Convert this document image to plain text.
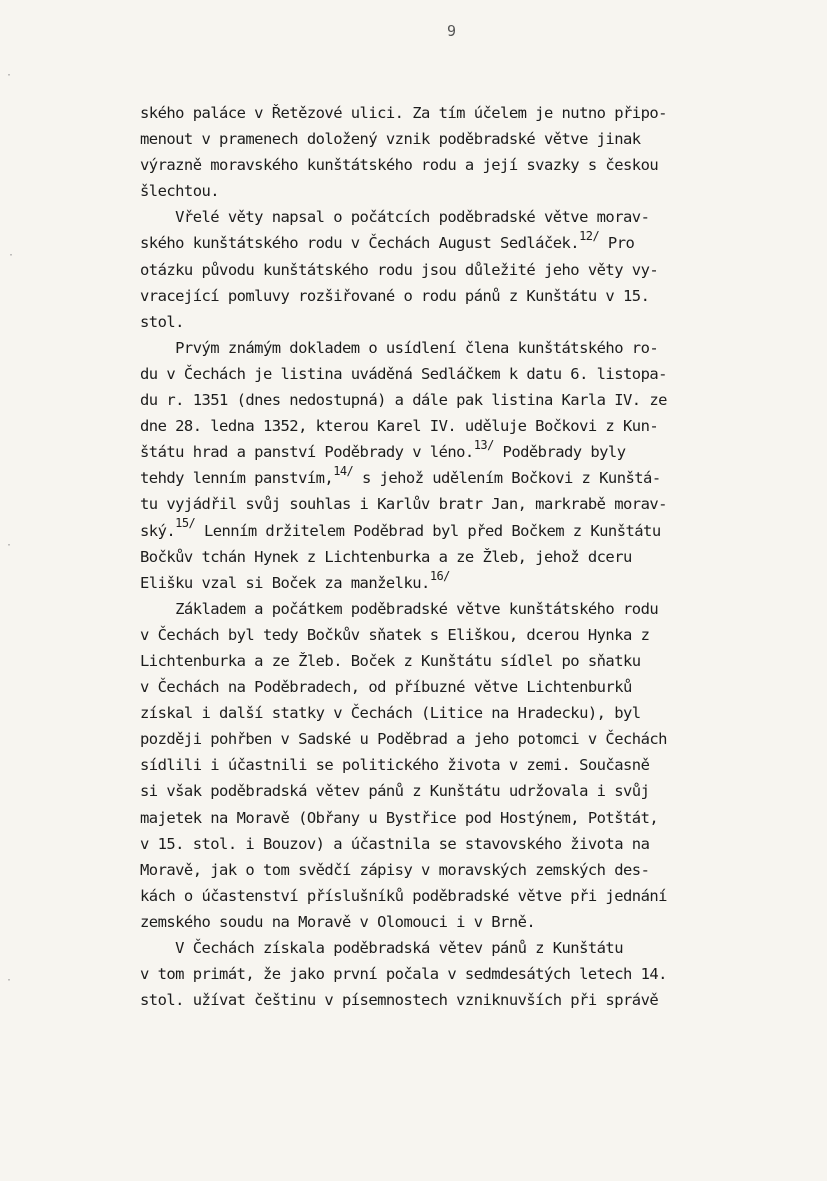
9
ského paláce v Řetězové ulici. Za tím účelem je nutno připo-
menout v pramenech doložený vznik poděbradské větve jinak
výrazně moravského kunštátského rodu a její svazky s českou
šlechtou.
Vřelé věty napsal o počátcích poděbradské větve morav-
ského kunštátského rodu v Čechách August Sedláček.$^{12/}$ Pro
otázku původu kunštátského rodu jsou důležité jeho věty vy-
vracející pomluvy rozšiřované o rodu pánů z Kunštátu v 15.
stol.
Prvým známým dokladem o usídlení člena kunštátského ro-
du v Čechách je listina uváděná Sedláčkem k datu 6. listopa-
du r. 1351 (dnes nedostupná) a dále pak listina Karla IV. ze
dne 28. ledna 1352, kterou Karel IV. uděluje Bočkovi z Kun-
štátu hrad a panství Poděbrady v léno.$^{13/}$ Poděbrady byly
tehdy lenním panstvím,$^{14/}$ s jehož udělením Bočkovi z Kunštá-
tu vyjádřil svůj souhlas i Karlův bratr Jan, markrabě morav-
ský.$^{15/}$ Lenním držitelem Poděbrad byl před Bočkem z Kunštátu
Bočkův tchán Hynek z Lichtenburka a ze Žleb, jehož dceru
Elišku vzal si Boček za manželku.$^{16/}$
Základem a počátkem poděbradské větve kunštátského rodu
v Čechách byl tedy Bočkův sňatek s Eliškou, dcerou Hynka z
Lichtenburka a ze Žleb. Boček z Kunštátu sídlel po sňatku
v Čechách na Poděbradech, od příbuzné větve Lichtenburků
získal i další statky v Čechách (Litice na Hradecku), byl
později pohřben v Sadské u Poděbrad a jeho potomci v Čechách
sídlili i účastnili se politického života v zemi. Současně
si však poděbradská větev pánů z Kunštátu udržovala i svůj
majetek na Moravě (Obřany u Bystřice pod Hostýnem, Potštát,
v 15. stol. i Bouzov) a účastnila se stavovského života na
Moravě, jak o tom svědčí zápisy v moravských zemských des-
kách o účastenství příslušníků poděbradské větve při jednání
zemského soudu na Moravě v Olomouci i v Brně.
V Čechách získala poděbradská větev pánů z Kunštátu
v tom primát, že jako první počala v sedmdesátých letech 14.
stol. užívat češtinu v písemnostech vzniknuvších při správě
·
·
·
·
